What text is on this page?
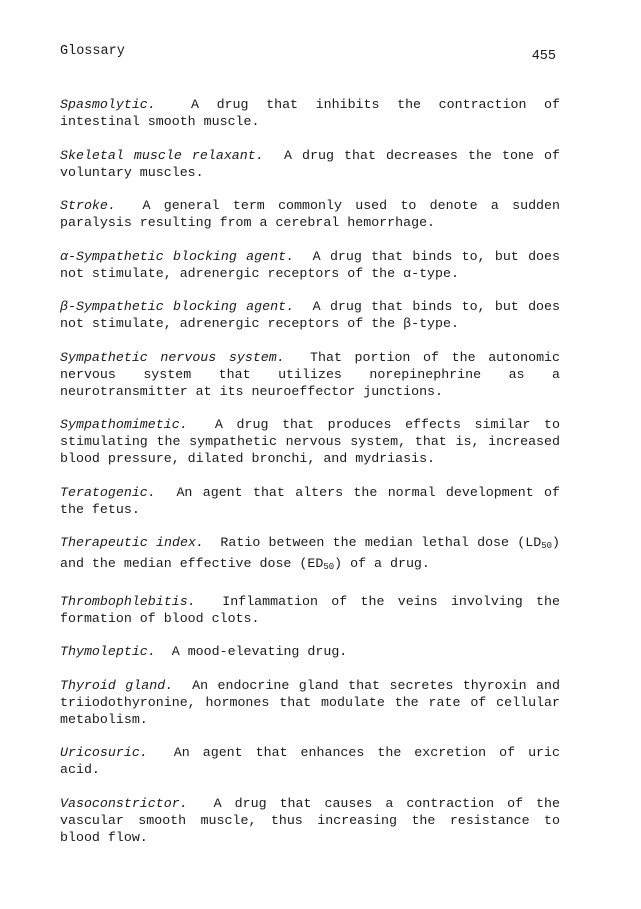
Glossary	455

Spasmolytic.	A drug that inhibits the contraction of intestinal smooth muscle.

Skeletal muscle relaxant. A drug that decreases the tone of voluntary muscles.

Stroke. A general term commonly used to denote a sudden paralysis resulting from a cerebral hemorrhage.

α-Sympathetic blocking agent. A drug that binds to, but does not stimulate, adrenergic receptors of the α-type.

β-Sympathetic blocking agent. A drug that binds to, but does not stimulate, adrenergic receptors of the β-type.

Sympathetic nervous system. That portion of the autonomic nervous system that utilizes norepinephrine as a neurotransmitter at its neuroeffector junctions.

Sympathomimetic. A drug that produces effects similar to stimulating the sympathetic nervous system, that is, increased blood pressure, dilated bronchi, and mydriasis.

Teratogenic. An agent that alters the normal development of the fetus.

Therapeutic index. Ratio between the median lethal dose $(LD_{50})$ and the median effective dose $(ED_{50})$ of a drug.

Thrombophlebitis. Inflammation of the veins involving the formation of blood clots.

Thymoleptic. A mood-elevating drug.

Thyroid gland. An endocrine gland that secretes thyroxin and triiodothyronine, hormones that modulate the rate of cellular metabolism.

Uricosuric. An agent that enhances the excretion of uric acid.

Vasoconstrictor. A drug that causes a contraction of the vascular smooth muscle, thus increasing the resistance to blood flow.
